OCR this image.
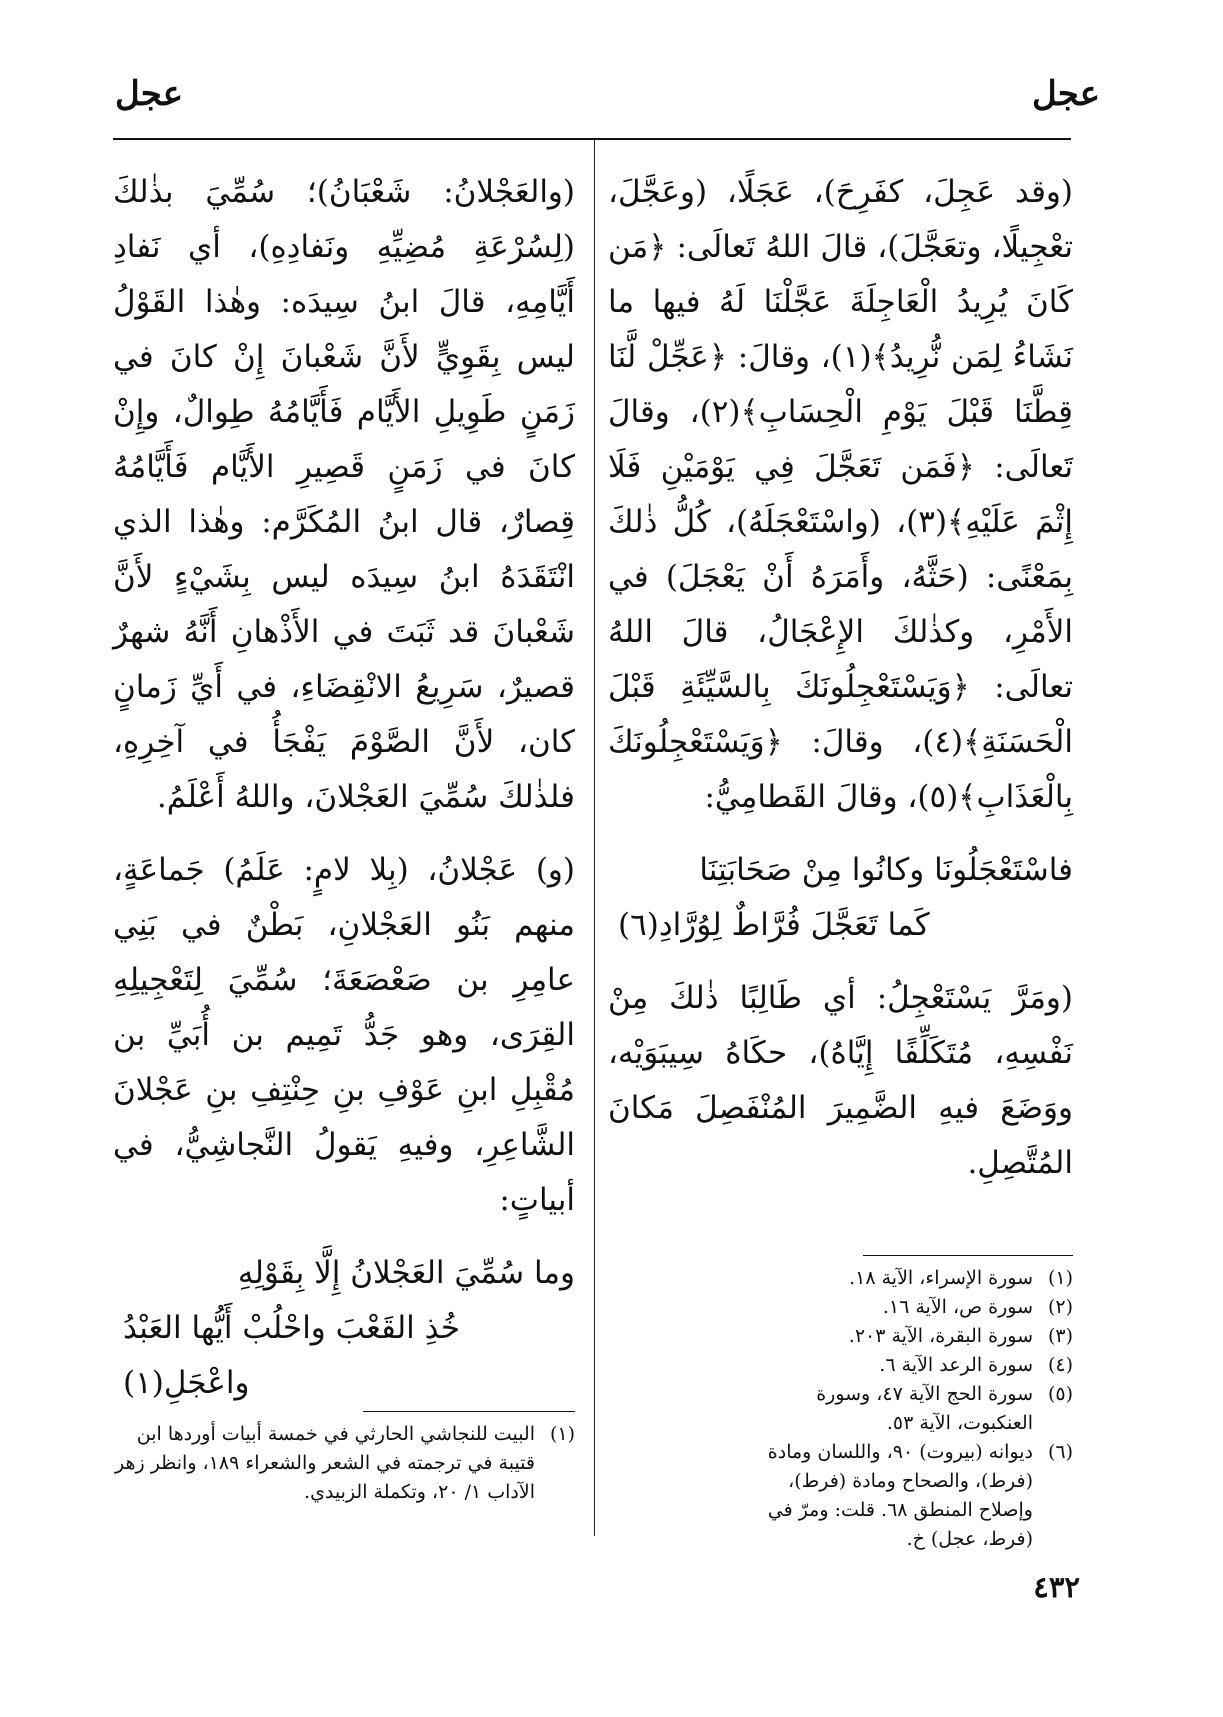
عجل
عجل

(وقد عَجِلَ، كفَرِحَ)، عَجَلًا، (وعَجَّلَ، تعْجِيلًا، وتعَجَّلَ)، قالَ اللهُ تَعالَى: ﴿مَن كَانَ يُرِيدُ الْعَاجِلَةَ عَجَّلْنَا لَهُ فيها ما نَشَاءُ لِمَن نُّرِيدُ﴾(١)، وقالَ: ﴿عَجِّلْ لَّنَا قِطَّنَا قَبْلَ يَوْمِ الْحِسَابِ﴾(٢)، وقالَ تَعالَى: ﴿فَمَن تَعَجَّلَ فِي يَوْمَيْنِ فَلَا إِثْمَ عَلَيْهِ﴾(٣)، (واسْتَعْجَلَهُ)، كُلُّ ذٰلكَ بِمَعْنًى: (حَثَّهُ، وأَمَرَهُ أَنْ يَعْجَلَ) في الأَمْرِ، وكذٰلكَ الإِعْجَالُ، قالَ اللهُ تعالَى: ﴿وَيَسْتَعْجِلُونَكَ بِالسَّيِّئَةِ قَبْلَ الْحَسَنَةِ﴾(٤)، وقالَ: ﴿وَيَسْتَعْجِلُونَكَ بِالْعَذَابِ﴾(٥)، وقالَ القَطامِيُّ:

فاسْتَعْجَلُونَا وكانُوا مِنْ صَحَابَتِنَا

كَما تَعَجَّلَ فُرَّاطٌ لِوُرَّادِ(٦)

(ومَرَّ يَسْتَعْجِلُ: أي طَالِبًا ذٰلكَ مِنْ نَفْسِهِ، مُتَكَلِّفًا إِيَّاهُ)، حكَاهُ سِيبَوَيْه، ووَضَعَ فيهِ الضَّمِيرَ المُنْفَصِلَ مَكانَ المُتَّصِلِ.

(والعَجْلانُ: شَعْبَانُ)؛ سُمِّيَ بذٰلكَ (لِسُرْعَةِ مُضِيِّهِ ونَفادِهِ)، أي نَفادِ أَيَّامِهِ، قالَ ابنُ سِيدَه: وهٰذا القَوْلُ ليس بِقَوِيٍّ لأَنَّ شَعْبانَ إِنْ كانَ في زَمَنٍ طَوِيلِ الأَيَّام فَأَيَّامُهُ طِوالٌ، وإِنْ كانَ في زَمَنٍ قَصِيرِ الأَيَّام فَأَيَّامُهُ قِصارٌ، قال ابنُ المُكَرَّم: وهٰذا الذي انْتَقَدَهُ ابنُ سِيدَه ليس بِشَيْءٍ لأَنَّ شَعْبانَ قد ثَبَتَ في الأَذْهانِ أَنَّهُ شهرٌ قصيرٌ، سَرِيعُ الانْقِضَاءِ، في أَيِّ زَمانٍ كان، لأَنَّ الصَّوْمَ يَفْجَأُ في آخِرِهِ، فلذٰلكَ سُمِّيَ العَجْلانَ، واللهُ أَعْلَمُ.

(و) عَجْلانُ، (بِلا لامٍ: عَلَمُ) جَماعَةٍ، منهم بَنُو العَجْلانِ، بَطْنٌ في بَنِي عامِرِ بن صَعْصَعَةَ؛ سُمِّيَ لِتَعْجِيلِهِ القِرَى، وهو جَدُّ تَمِيم بن أُبَيِّ بن مُقْبِلِ ابنِ عَوْفِ بنِ حِنْتِفِ بنِ عَجْلانَ الشَّاعِرِ، وفيهِ يَقولُ النَّجاشِيُّ، في أبياتٍ:

وما سُمِّيَ العَجْلانُ إِلَّا بِقَوْلِهِ

خُذِ القَعْبَ واحْلُبْ أَيُّها العَبْدُ واعْجَلِ(١)

(١)
سورة الإسراء، الآية ١٨.

(٢)
سورة ص، الآية ١٦.

(٣)
سورة البقرة، الآية ٢٠٣.

(٤)
سورة الرعد الآية ٦.

(٥)
سورة الحج الآية ٤٧، وسورة العنكبوت، الآية ٥٣.

(٦)
ديوانه (بيروت) ٩٠، واللسان ومادة (فرط)، والصحاح ومادة (فرط)، وإصلاح المنطق ٦٨. قلت: ومرّ في (فرط، عجل) خ.

(١)
البيت للنجاشي الحارثي في خمسة أبيات أوردها ابن قتيبة في ترجمته في الشعر والشعراء ١٨٩، وانظر زهر الآداب ١/ ٢٠، وتكملة الزبيدي.

٤٣٢
